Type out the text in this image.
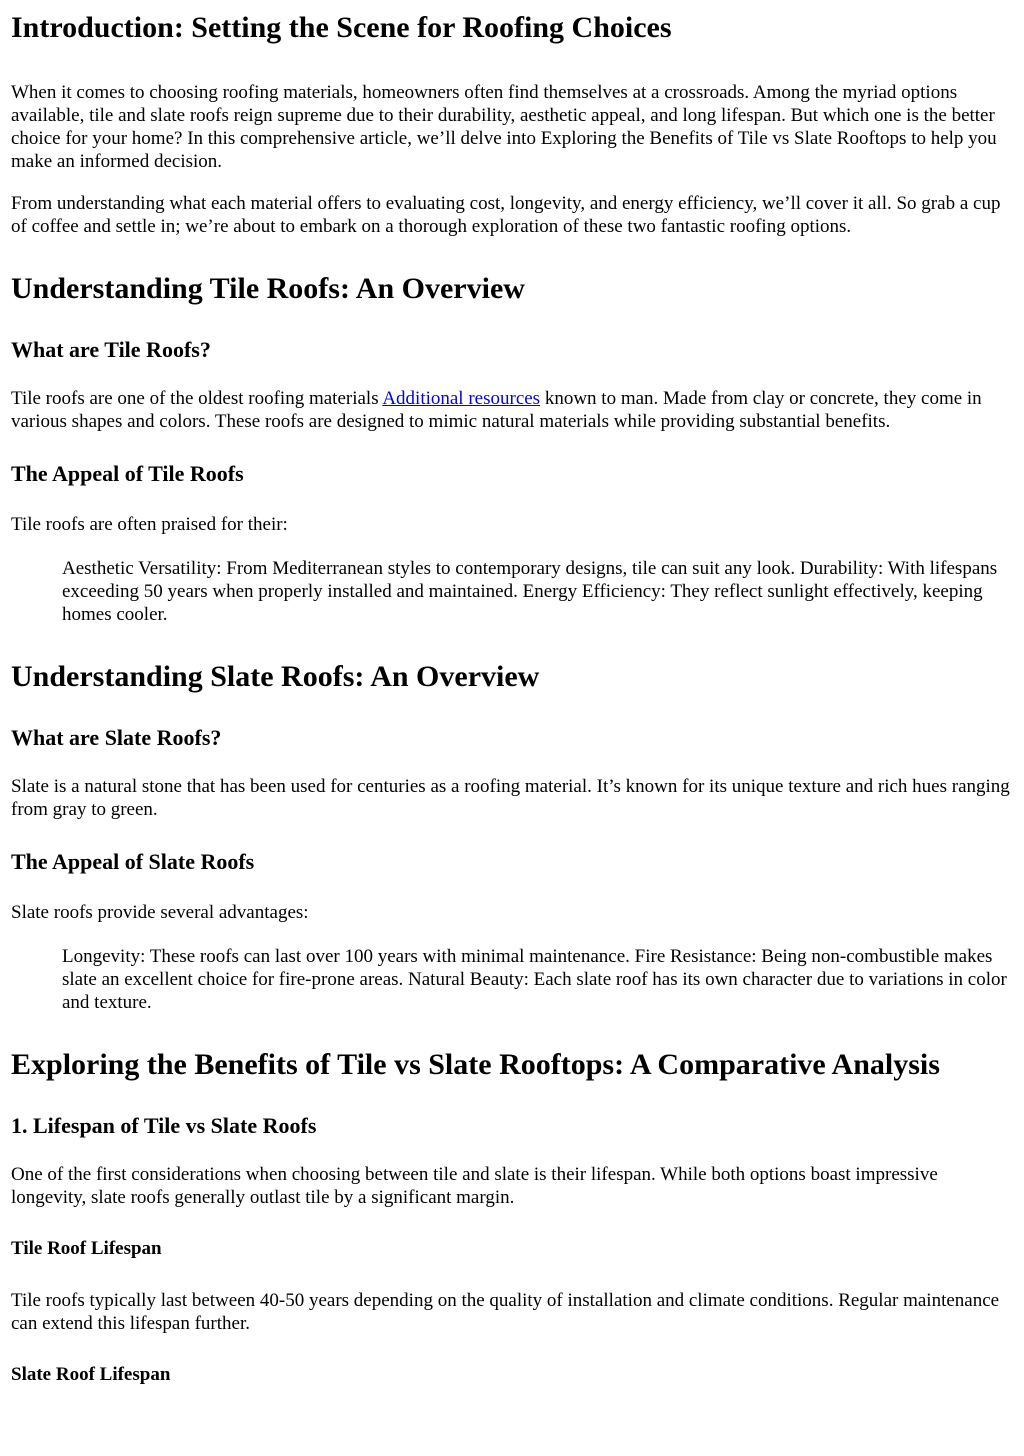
Introduction: Setting the Scene for Roofing Choices

When it comes to choosing roofing materials, homeowners often find themselves at a crossroads. Among the myriad options available, tile and slate roofs reign supreme due to their durability, aesthetic appeal, and long lifespan. But which one is the better choice for your home? In this comprehensive article, we’ll delve into Exploring the Benefits of Tile vs Slate Rooftops to help you make an informed decision.

From understanding what each material offers to evaluating cost, longevity, and energy efficiency, we’ll cover it all. So grab a cup of coffee and settle in; we’re about to embark on a thorough exploration of these two fantastic roofing options.

Understanding Tile Roofs: An Overview
What are Tile Roofs?

Tile roofs are one of the oldest roofing materials Additional resources known to man. Made from clay or concrete, they come in various shapes and colors. These roofs are designed to mimic natural materials while providing substantial benefits.

The Appeal of Tile Roofs

Tile roofs are often praised for their:

Aesthetic Versatility: From Mediterranean styles to contemporary designs, tile can suit any look. Durability: With lifespans exceeding 50 years when properly installed and maintained. Energy Efficiency: They reflect sunlight effectively, keeping homes cooler.
Understanding Slate Roofs: An Overview
What are Slate Roofs?

Slate is a natural stone that has been used for centuries as a roofing material. It’s known for its unique texture and rich hues ranging from gray to green.

The Appeal of Slate Roofs

Slate roofs provide several advantages:

Longevity: These roofs can last over 100 years with minimal maintenance. Fire Resistance: Being non-combustible makes slate an excellent choice for fire-prone areas. Natural Beauty: Each slate roof has its own character due to variations in color and texture.
Exploring the Benefits of Tile vs Slate Rooftops: A Comparative Analysis
1. Lifespan of Tile vs Slate Roofs

One of the first considerations when choosing between tile and slate is their lifespan. While both options boast impressive longevity, slate roofs generally outlast tile by a significant margin.

Tile Roof Lifespan

Tile roofs typically last between 40-50 years depending on the quality of installation and climate conditions. Regular maintenance can extend this lifespan further.

Slate Roof Lifespan
